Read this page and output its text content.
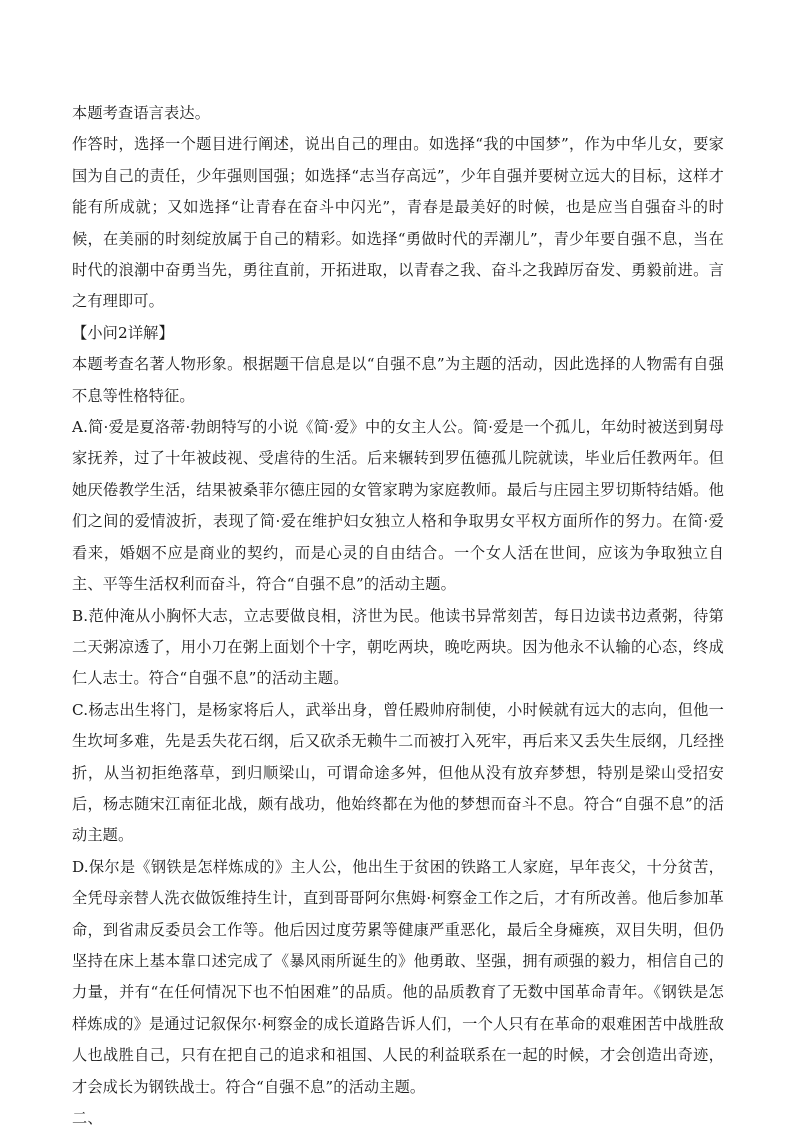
本题考查语言表达。

作答时，选择一个题目进行阐述，说出自己的理由。如选择“我的中国梦”，作为中华儿女，要家国为自己的责任，少年强则国强；如选择“志当存高远”，少年自强并要树立远大的目标，这样才能有所成就；又如选择“让青春在奋斗中闪光”，青春是最美好的时候，也是应当自强奋斗的时候，在美丽的时刻绽放属于自己的精彩。如选择“勇做时代的弄潮儿”，青少年要自强不息，当在时代的浪潮中奋勇当先，勇往直前，开拓进取，以青春之我、奋斗之我踔厉奋发、勇毅前进。言之有理即可。

【小问2详解】

本题考查名著人物形象。根据题干信息是以“自强不息”为主题的活动，因此选择的人物需有自强不息等性格特征。

A.简·爱是夏洛蒂·勃朗特写的小说《简·爱》中的女主人公。简·爱是一个孤儿，年幼时被送到舅母家抚养，过了十年被歧视、受虐待的生活。后来辗转到罗伍德孤儿院就读，毕业后任教两年。但她厌倦教学生活，结果被桑菲尔德庄园的女管家聘为家庭教师。最后与庄园主罗切斯特结婚。他们之间的爱情波折，表现了简·爱在维护妇女独立人格和争取男女平权方面所作的努力。在简·爱看来，婚姻不应是商业的契约，而是心灵的自由结合。一个女人活在世间，应该为争取独立自主、平等生活权利而奋斗，符合“自强不息”的活动主题。

B.范仲淹从小胸怀大志，立志要做良相，济世为民。他读书异常刻苦，每日边读书边煮粥，待第二天粥凉透了，用小刀在粥上面划个十字，朝吃两块，晚吃两块。因为他永不认输的心态，终成仁人志士。符合“自强不息”的活动主题。

C.杨志出生将门，是杨家将后人，武举出身，曾任殿帅府制使，小时候就有远大的志向，但他一生坎坷多难，先是丢失花石纲，后又砍杀无赖牛二而被打入死牢，再后来又丢失生辰纲，几经挫折，从当初拒绝落草，到归顺梁山，可谓命途多舛，但他从没有放弃梦想，特别是梁山受招安后，杨志随宋江南征北战，颇有战功，他始终都在为他的梦想而奋斗不息。符合“自强不息”的活动主题。

D.保尔是《钢铁是怎样炼成的》主人公，他出生于贫困的铁路工人家庭，早年丧父，十分贫苦，全凭母亲替人洗衣做饭维持生计，直到哥哥阿尔焦姆·柯察金工作之后，才有所改善。他后参加革命，到省肃反委员会工作等。他后因过度劳累等健康严重恶化，最后全身瘫痪，双目失明，但仍坚持在床上基本靠口述完成了《暴风雨所诞生的》他勇敢、坚强，拥有顽强的毅力，相信自己的力量，并有“在任何情况下也不怕困难”的品质。他的品质教育了无数中国革命青年。《钢铁是怎样炼成的》是通过记叙保尔·柯察金的成长道路告诉人们，一个人只有在革命的艰难困苦中战胜敌人也战胜自己，只有在把自己的追求和祖国、人民的利益联系在一起的时候，才会创造出奇迹，才会成长为钢铁战士。符合“自强不息”的活动主题。

二、
